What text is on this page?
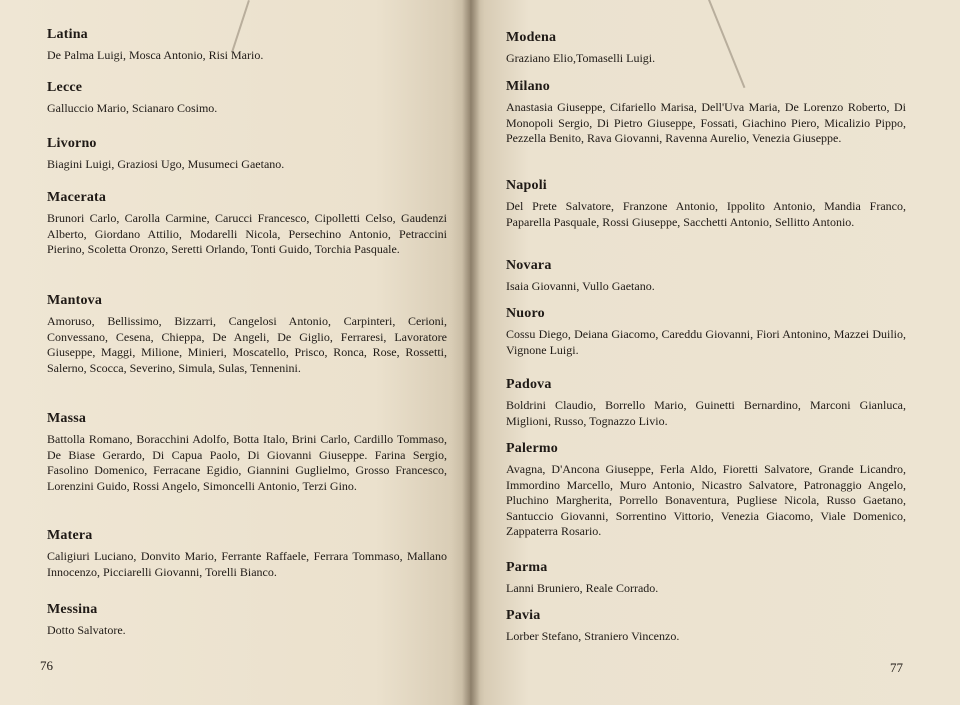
Latina

De Palma Luigi, Mosca Antonio, Risi Mario.

Lecce

Galluccio Mario, Scianaro Cosimo.

Livorno

Biagini Luigi, Graziosi Ugo, Musumeci Gaetano.

Macerata

Brunori Carlo, Carolla Carmine, Carucci Francesco, Cipolletti Celso, Gaudenzi Alberto, Giordano Attilio, Modarelli Nicola, Persechino Antonio, Petraccini Pierino, Scoletta Oronzo, Seretti Orlando, Tonti Guido, Torchia Pasquale.

Mantova

Amoruso, Bellissimo, Bizzarri, Cangelosi Antonio, Carpinteri, Cerioni, Convessano, Cesena, Chieppa, De Angeli, De Giglio, Ferraresi, Lavoratore Giuseppe, Maggi, Milione, Minieri, Moscatello, Prisco, Ronca, Rose, Rossetti, Salerno, Scocca, Severino, Simula, Sulas, Tennenini.

Massa

Battolla Romano, Boracchini Adolfo, Botta Italo, Brini Carlo, Cardillo Tommaso, De Biase Gerardo, Di Capua Paolo, Di Giovanni Giuseppe. Farina Sergio, Fasolino Domenico, Ferracane Egidio, Giannini Guglielmo, Grosso Francesco, Lorenzini Guido, Rossi Angelo, Simoncelli Antonio, Terzi Gino.

Matera

Caligiuri Luciano, Donvito Mario, Ferrante Raffaele, Ferrara Tommaso, Mallano Innocenzo, Picciarelli Giovanni, Torelli Bianco.

Messina

Dotto Salvatore.

76
Modena

Graziano Elio,Tomaselli Luigi.

Milano

Anastasia Giuseppe, Cifariello Marisa, Dell'Uva Maria, De Lorenzo Roberto, Di Monopoli Sergio, Di Pietro Giuseppe, Fossati, Giachino Piero, Micalizio Pippo, Pezzella Benito, Rava Giovanni, Ravenna Aurelio, Venezia Giuseppe.

Napoli

Del Prete Salvatore, Franzone Antonio, Ippolito Antonio, Mandia Franco, Paparella Pasquale, Rossi Giuseppe, Sacchetti Antonio, Sellitto Antonio.

Novara

Isaia Giovanni, Vullo Gaetano.

Nuoro

Cossu Diego, Deiana Giacomo, Careddu Giovanni, Fiori Antonino, Mazzei Duilio, Vignone Luigi.

Padova

Boldrini Claudio, Borrello Mario, Guinetti Bernardino, Marconi Gianluca, Miglioni, Russo, Tognazzo Livio.

Palermo

Avagna, D'Ancona Giuseppe, Ferla Aldo, Fioretti Salvatore, Grande Licandro, Immordino Marcello, Muro Antonio, Nicastro Salvatore, Patronaggio Angelo, Pluchino Margherita, Porrello Bonaventura, Pugliese Nicola, Russo Gaetano, Santuccio Giovanni, Sorrentino Vittorio, Venezia Giacomo, Viale Domenico, Zappaterra Rosario.

Parma

Lanni Bruniero, Reale Corrado.

Pavia

Lorber Stefano, Straniero Vincenzo.

77
